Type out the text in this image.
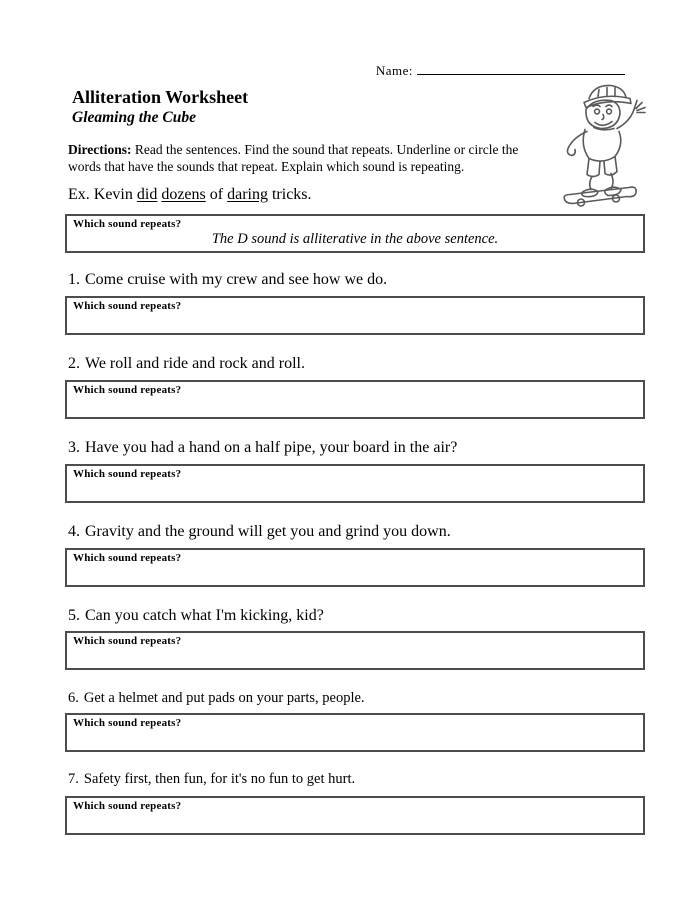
Name:
Alliteration Worksheet
Gleaming the Cube
Directions: Read the sentences. Find the sound that repeats. Underline or circle the words that have the sounds that repeat. Explain which sound is repeating.
Ex. Kevin did dozens of daring tricks.
Which sound repeats?
The D sound is alliterative in the above sentence.
1. Come cruise with my crew and see how we do.
Which sound repeats?
2. We roll and ride and rock and roll.
Which sound repeats?
3. Have you had a hand on a half pipe, your board in the air?
Which sound repeats?
4. Gravity and the ground will get you and grind you down.
Which sound repeats?
5. Can you catch what I'm kicking, kid?
Which sound repeats?
6. Get a helmet and put pads on your parts, people.
Which sound repeats?
7. Safety first, then fun, for it's no fun to get hurt.
Which sound repeats?
